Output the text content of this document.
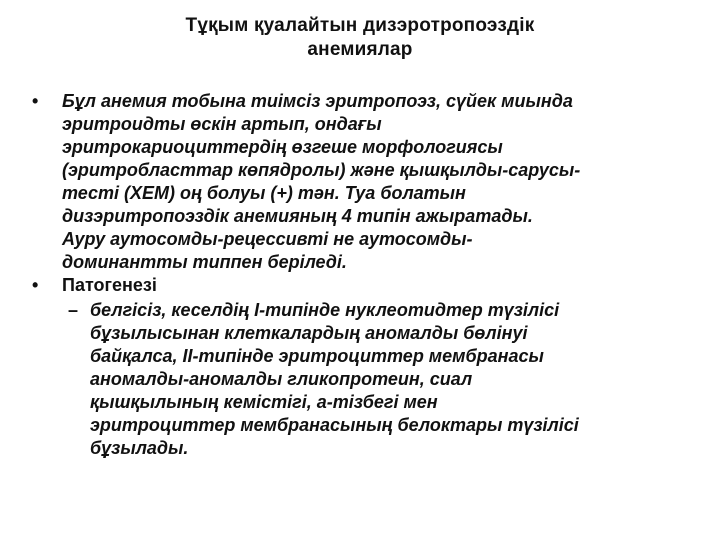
Тұқым қуалайтын дизэротропоэздік
анемиялар
• Бұл анемия тобына тиімсіз эритропоэз, сүйек миында
эритроидты өскін артып, ондағы
эритрокариоциттердің өзгеше морфологиясы
(эритробласттар көпядролы) және қышқылды-сарусы-
тесті (ХЕМ) оң болуы (+) тән. Туа болатын
дизэритропоэздік анемияның 4 типін ажыратады.
Ауру аутосомды-рецессивті не аутосомды-
доминантты типпен беріледі.
• Патогенезі
– белгісіз, кеселдің І-типінде нуклеотидтер түзілісі
бұзылысынан клеткалардың аномалды бөлінуі
байқалса, ІІ-типінде эритроциттер мембранасы
аномалды-аномалды гликопротеин, сиал
қышқылының кемістігі, а-тізбегі мен
эритроциттер мембранасының белоктары түзілісі
бұзылады.
